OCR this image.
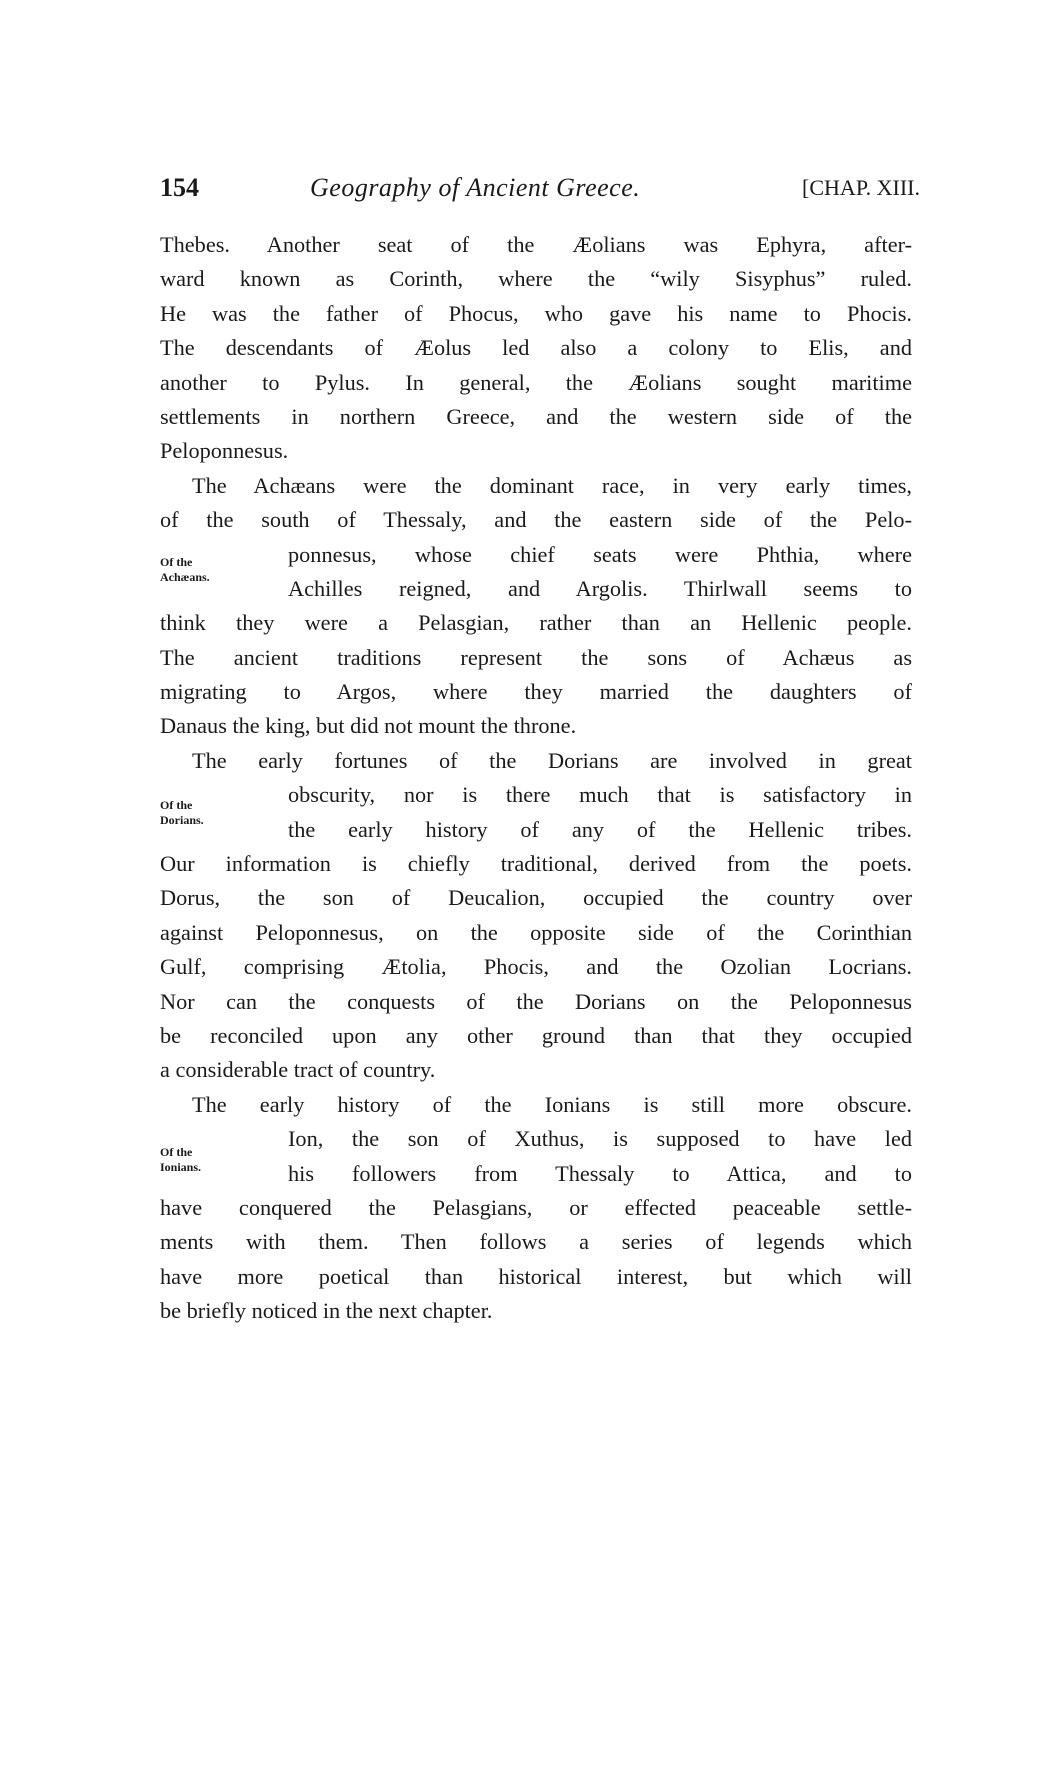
154	Geography of Ancient Greece.	[CHAP. XIII.
Thebes. Another seat of the Æolians was Ephyra, after-
ward known as Corinth, where the “wily Sisyphus” ruled.
He was the father of Phocus, who gave his name to Phocis.
The descendants of Æolus led also a colony to Elis, and
another to Pylus. In general, the Æolians sought maritime
settlements in northern Greece, and the western side of the
Peloponnesus.
The Achæans were the dominant race, in very early times,
of the south of Thessaly, and the eastern side of the Pelo-
ponnesus, whose chief seats were Phthia, where
Achilles reigned, and Argolis. Thirlwall seems to
think they were a Pelasgian, rather than an Hellenic people.
The ancient traditions represent the sons of Achæus as
migrating to Argos, where they married the daughters of
Danaus the king, but did not mount the throne.
The early fortunes of the Dorians are involved in great
obscurity, nor is there much that is satisfactory in
the early history of any of the Hellenic tribes.
Our information is chiefly traditional, derived from the poets.
Dorus, the son of Deucalion, occupied the country over
against Peloponnesus, on the opposite side of the Corinthian
Gulf, comprising Ætolia, Phocis, and the Ozolian Locrians.
Nor can the conquests of the Dorians on the Peloponnesus
be reconciled upon any other ground than that they occupied
a considerable tract of country.
The early history of the Ionians is still more obscure.
Ion, the son of Xuthus, is supposed to have led
his followers from Thessaly to Attica, and to
have conquered the Pelasgians, or effected peaceable settle-
ments with them. Then follows a series of legends which
have more poetical than historical interest, but which will
be briefly noticed in the next chapter.
Of the
Achæans.
Of the
Dorians.
Of the
Ionians.
